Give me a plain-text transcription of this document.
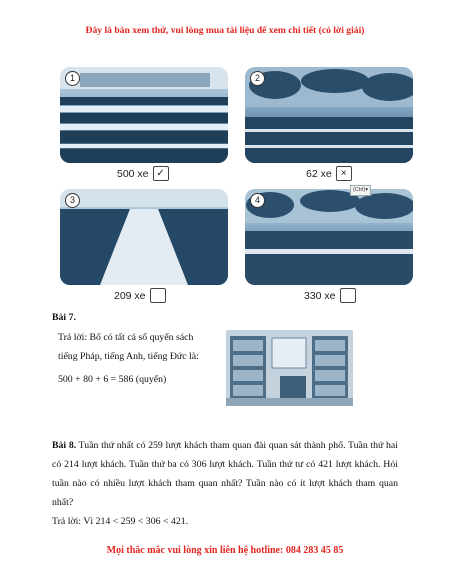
Đây là bản xem thử, vui lòng mua tài liệu để xem chi tiết (có lời giải)
1
500 xe ✓
2
62 xe ×
3
209 xe
4
330 xe
(Ctrl)▾
Bài 7.
Trả lời: Bố có tất cả số quyển sách
tiếng Pháp, tiếng Anh, tiếng Đức là:
500 + 80 + 6 = 586 (quyển)
Bài 8. Tuần thứ nhất có 259 lượt khách tham quan đài quan sát thành phố. Tuần thứ hai có 214 lượt khách. Tuần thứ ba có 306 lượt khách. Tuần thứ tư có 421 lượt khách. Hỏi tuần nào có nhiều lượt khách tham quan nhất? Tuần nào có ít lượt khách tham quan nhất?
Trả lời: Vì 214 < 259 < 306 < 421.
Mọi thắc mắc vui lòng xin liên hệ hotline: 084 283 45 85
